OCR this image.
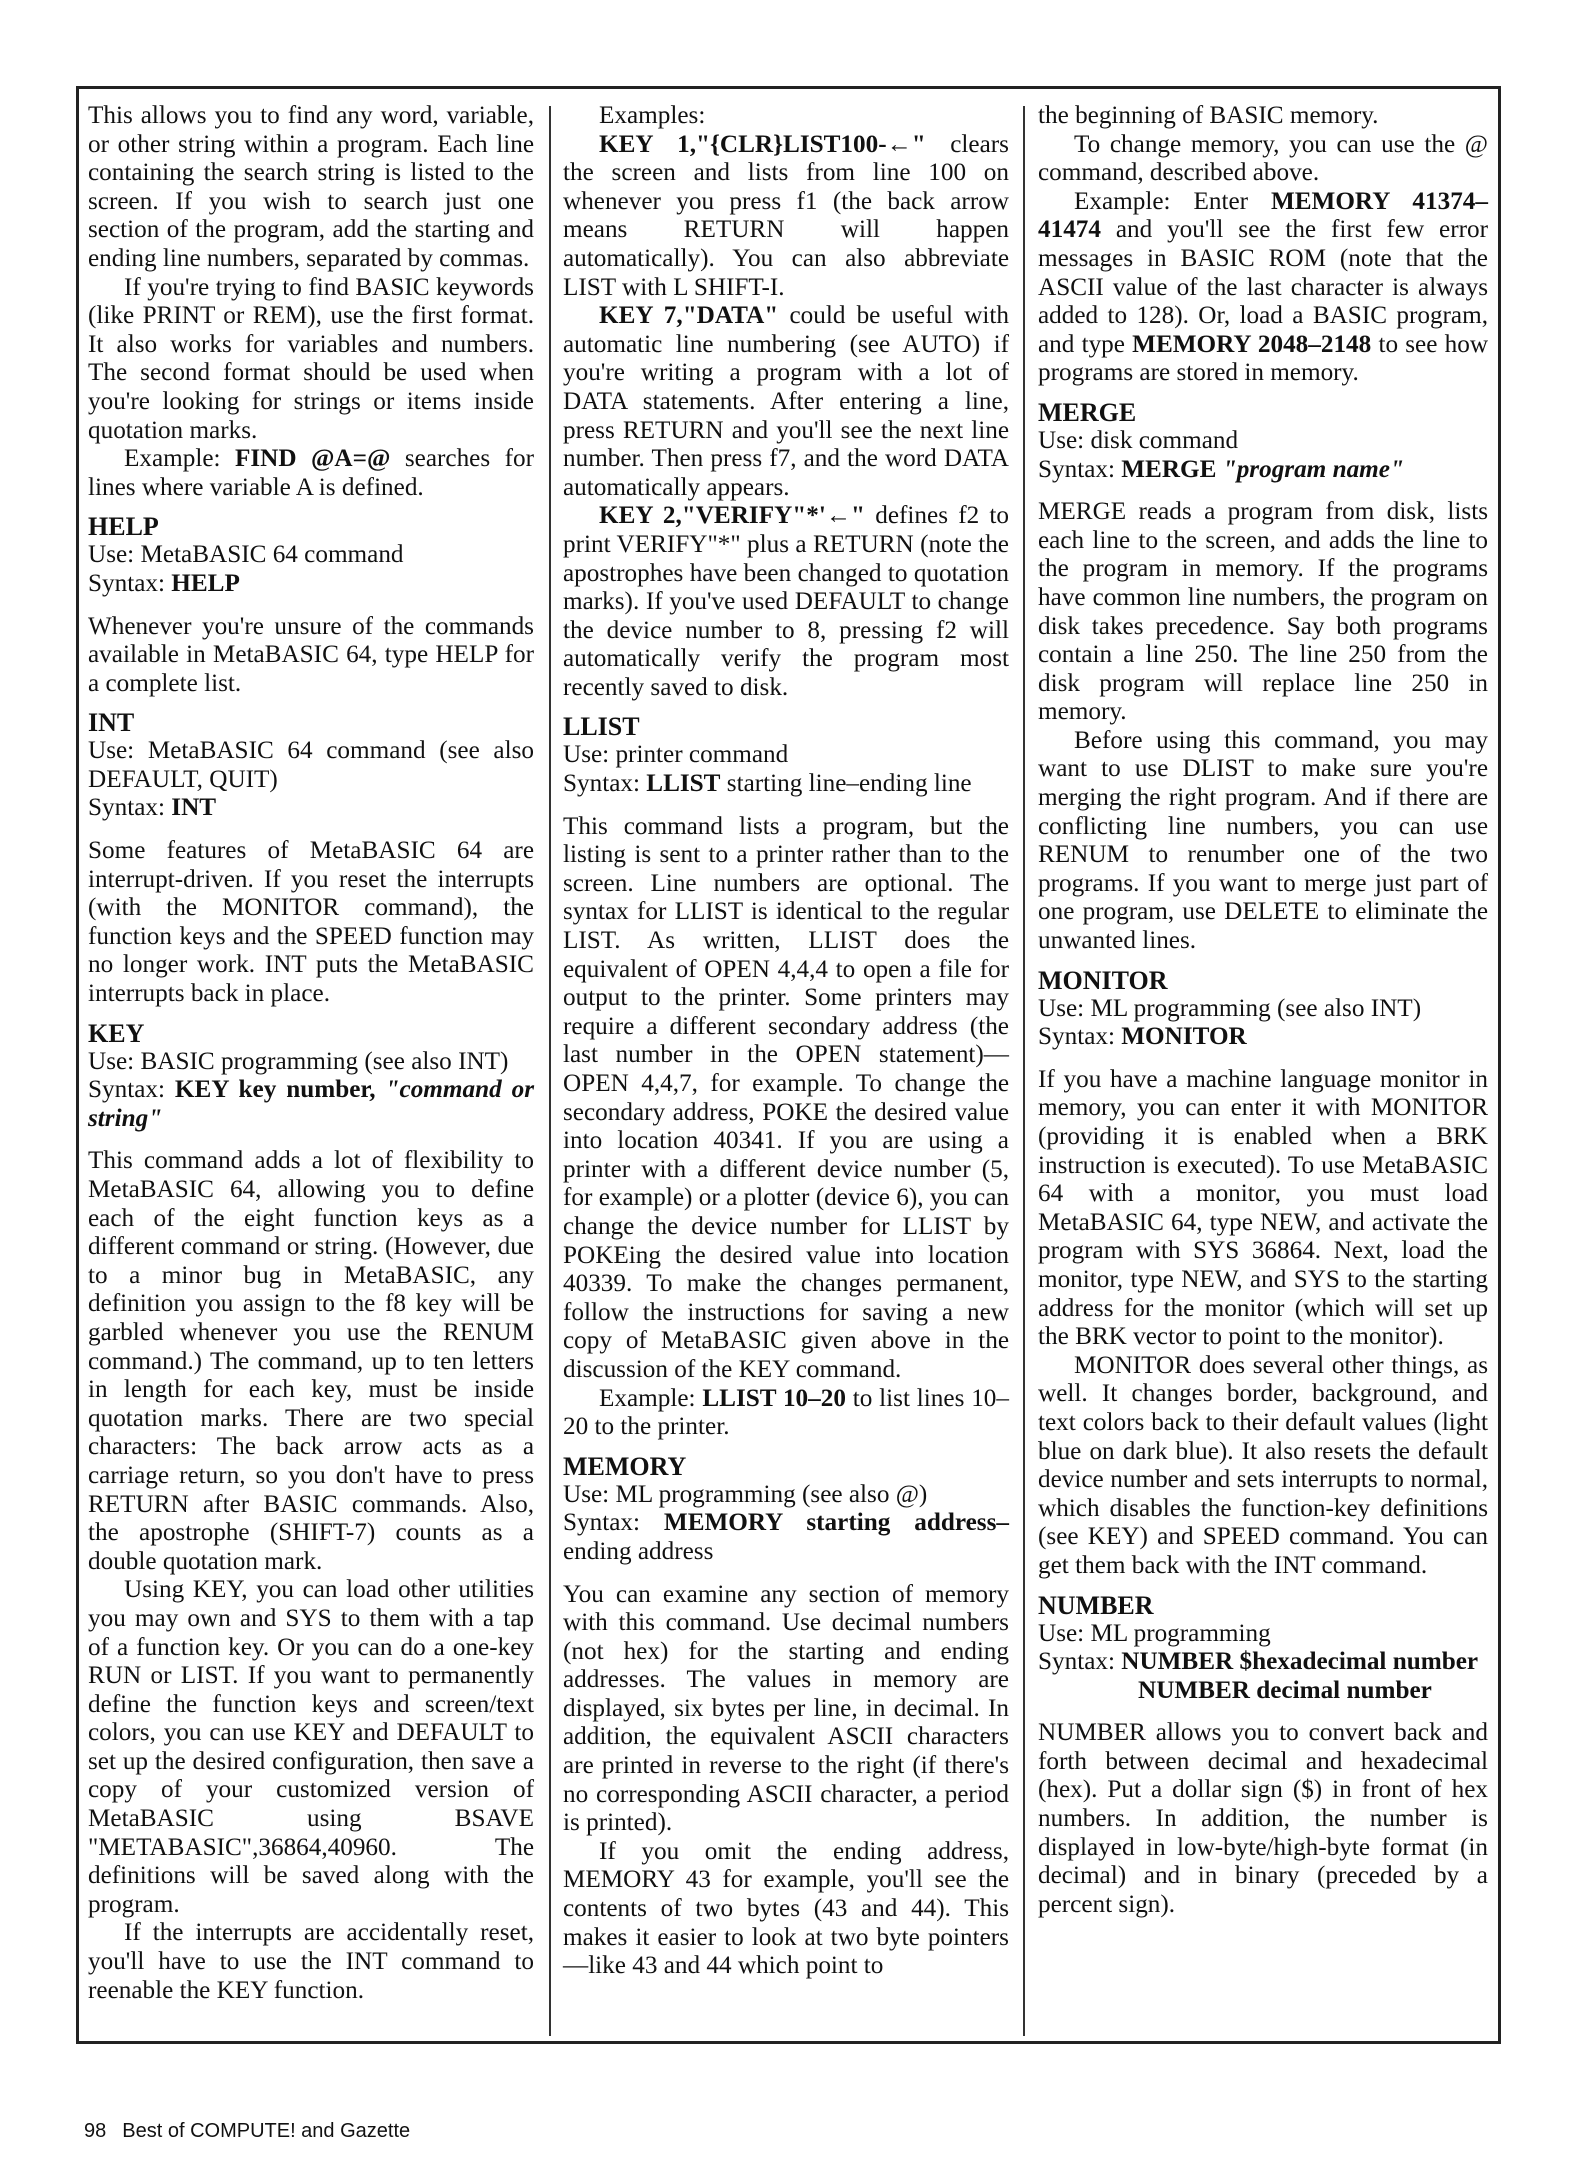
This allows you to find any word, variable, or other string within a program. Each line containing the search string is listed to the screen. If you wish to search just one section of the program, add the starting and ending line numbers, separated by commas.

If you're trying to find BASIC keywords (like PRINT or REM), use the first format. It also works for variables and numbers. The second format should be used when you're looking for strings or items inside quotation marks.

Example: FIND @A=@ searches for lines where variable A is defined.

HELP

Use: MetaBASIC 64 command

Syntax: HELP

Whenever you're unsure of the commands available in MetaBASIC 64, type HELP for a complete list.

INT

Use: MetaBASIC 64 command (see also DEFAULT, QUIT)

Syntax: INT

Some features of MetaBASIC 64 are interrupt-driven. If you reset the interrupts (with the MONITOR command), the function keys and the SPEED function may no longer work. INT puts the MetaBASIC interrupts back in place.

KEY

Use: BASIC programming (see also INT)

Syntax: KEY key number, "command or string"

This command adds a lot of flexibility to MetaBASIC 64, allowing you to define each of the eight function keys as a different command or string. (However, due to a minor bug in MetaBASIC, any definition you assign to the f8 key will be garbled whenever you use the RENUM command.) The command, up to ten letters in length for each key, must be inside quotation marks. There are two special characters: The back arrow acts as a carriage return, so you don't have to press RETURN after BASIC commands. Also, the apostrophe (SHIFT-7) counts as a double quotation mark.

Using KEY, you can load other utilities you may own and SYS to them with a tap of a function key. Or you can do a one-key RUN or LIST. If you want to permanently define the function keys and screen/text colors, you can use KEY and DEFAULT to set up the desired configuration, then save a copy of your customized version of MetaBASIC using BSAVE "METABASIC",36864,40960. The definitions will be saved along with the program.

If the interrupts are accidentally reset, you'll have to use the INT command to reenable the KEY function.

Examples:

KEY 1,"{CLR}LIST100-←" clears the screen and lists from line 100 on whenever you press f1 (the back arrow means RETURN will happen automatically). You can also abbreviate LIST with L SHIFT-I.

KEY 7,"DATA" could be useful with automatic line numbering (see AUTO) if you're writing a program with a lot of DATA statements. After entering a line, press RETURN and you'll see the next line number. Then press f7, and the word DATA automatically appears.

KEY 2,"VERIFY"*'←" defines f2 to print VERIFY"*" plus a RETURN (note the apostrophes have been changed to quotation marks). If you've used DEFAULT to change the device number to 8, pressing f2 will automatically verify the program most recently saved to disk.

LLIST

Use: printer command

Syntax: LLIST starting line–ending line

This command lists a program, but the listing is sent to a printer rather than to the screen. Line numbers are optional. The syntax for LLIST is identical to the regular LIST. As written, LLIST does the equivalent of OPEN 4,4,4 to open a file for output to the printer. Some printers may require a different secondary address (the last number in the OPEN statement)—OPEN 4,4,7, for example. To change the secondary address, POKE the desired value into location 40341. If you are using a printer with a different device number (5, for example) or a plotter (device 6), you can change the device number for LLIST by POKEing the desired value into location 40339. To make the changes permanent, follow the instructions for saving a new copy of MetaBASIC given above in the discussion of the KEY command.

Example: LLIST 10–20 to list lines 10–20 to the printer.

MEMORY

Use: ML programming (see also @)

Syntax: MEMORY starting address–ending address

You can examine any section of memory with this command. Use decimal numbers (not hex) for the starting and ending addresses. The values in memory are displayed, six bytes per line, in decimal. In addition, the equivalent ASCII characters are printed in reverse to the right (if there's no corresponding ASCII character, a period is printed).

If you omit the ending address, MEMORY 43 for example, you'll see the contents of two bytes (43 and 44). This makes it easier to look at two byte pointers—like 43 and 44 which point to

the beginning of BASIC memory.

To change memory, you can use the @ command, described above.

Example: Enter MEMORY 41374–41474 and you'll see the first few error messages in BASIC ROM (note that the ASCII value of the last character is always added to 128). Or, load a BASIC program, and type MEMORY 2048–2148 to see how programs are stored in memory.

MERGE

Use: disk command

Syntax: MERGE "program name"

MERGE reads a program from disk, lists each line to the screen, and adds the line to the program in memory. If the programs have common line numbers, the program on disk takes precedence. Say both programs contain a line 250. The line 250 from the disk program will replace line 250 in memory.

Before using this command, you may want to use DLIST to make sure you're merging the right program. And if there are conflicting line numbers, you can use RENUM to renumber one of the two programs. If you want to merge just part of one program, use DELETE to eliminate the unwanted lines.

MONITOR

Use: ML programming (see also INT)

Syntax: MONITOR

If you have a machine language monitor in memory, you can enter it with MONITOR (providing it is enabled when a BRK instruction is executed). To use MetaBASIC 64 with a monitor, you must load MetaBASIC 64, type NEW, and activate the program with SYS 36864. Next, load the monitor, type NEW, and SYS to the starting address for the monitor (which will set up the BRK vector to point to the monitor).

MONITOR does several other things, as well. It changes border, background, and text colors back to their default values (light blue on dark blue). It also resets the default device number and sets interrupts to normal, which disables the function-key definitions (see KEY) and SPEED command. You can get them back with the INT command.

NUMBER

Use: ML programming

Syntax: NUMBER $hexadecimal number

NUMBER decimal number

NUMBER allows you to convert back and forth between decimal and hexadecimal (hex). Put a dollar sign ($) in front of hex numbers. In addition, the number is displayed in low-byte/high-byte format (in decimal) and in binary (preceded by a percent sign).

98 Best of COMPUTE! and Gazette
